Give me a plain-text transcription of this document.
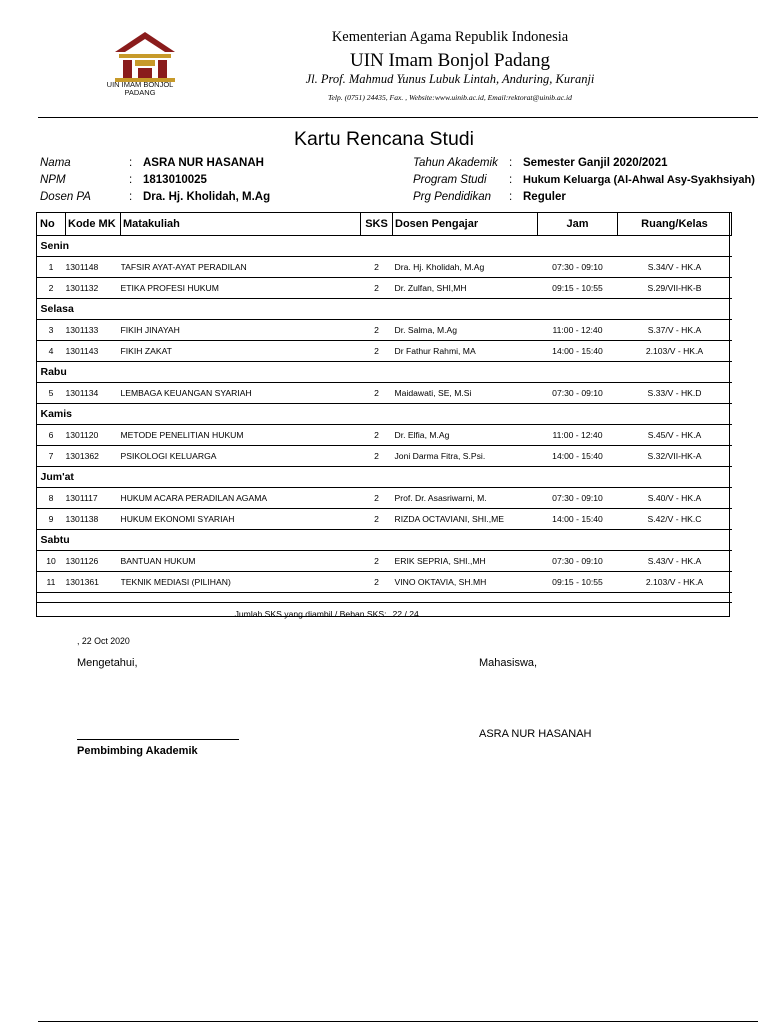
UIN IMAM BONJOL
PADANG
Kementerian Agama Republik Indonesia
UIN Imam Bonjol Padang
Jl. Prof. Mahmud Yunus Lubuk Lintah, Anduring, Kuranji
Telp. (0751) 24435, Fax. , Website:www.uinib.ac.id, Email:rektorat@uinib.ac.id
Kartu Rencana Studi
Nama	: ASRA NUR HASANAH
NPM	: 1813010025
Dosen PA	: Dra. Hj. Kholidah, M.Ag
Tahun Akademik : Semester Ganjil 2020/2021
Program Studi : Hukum Keluarga (Al-Ahwal Asy-Syakhsiyah)
Prg Pendidikan : Reguler
No	Kode MK	Matakuliah	SKS	Dosen Pengajar	Jam	Ruang/Kelas
Senin						
1	1301148	TAFSIR AYAT-AYAT PERADILAN	2	Dra. Hj. Kholidah, M.Ag	07:30 - 09:10	S.34/V - HK.A
2	1301132	ETIKA PROFESI HUKUM	2	Dr. Zulfan, SHI,MH	09:15 - 10:55	S.29/VII-HK-B
Selasa						
3	1301133	FIKIH JINAYAH	2	Dr. Salma, M.Ag	11:00 - 12:40	S.37/V - HK.A
4	1301143	FIKIH ZAKAT	2	Dr Fathur Rahmi, MA	14:00 - 15:40	2.103/V - HK.A
Rabu						
5	1301134	LEMBAGA KEUANGAN SYARIAH	2	Maidawati, SE, M.Si	07:30 - 09:10	S.33/V - HK.D
Kamis						
6	1301120	METODE PENELITIAN HUKUM	2	Dr. Elfia, M.Ag	11:00 - 12:40	S.45/V - HK.A
7	1301362	PSIKOLOGI KELUARGA	2	Joni Darma Fitra, S.Psi.	14:00 - 15:40	S.32/VII-HK-A
Jum'at						
8	1301117	HUKUM ACARA PERADILAN AGAMA	2	Prof. Dr. Asasriwarni, M.	07:30 - 09:10	S.40/V - HK.A
9	1301138	HUKUM EKONOMI SYARIAH	2	RIZDA OCTAVIANI, SHI.,ME	14:00 - 15:40	S.42/V - HK.C
Sabtu						
10	1301126	BANTUAN HUKUM	2	ERIK SEPRIA, SHI.,MH	07:30 - 09:10	S.43/V - HK.A
11	1301361	TEKNIK MEDIASI (PILIHAN)	2	VINO OKTAVIA, SH.MH	09:15 - 10:55	2.103/V - HK.A

Jumlah SKS yang diambil / Beban SKS:				22 / 24		
, 22 Oct 2020
Mengetahui,	Mahasiswa,
ASRA NUR HASANAH
Pembimbing Akademik
